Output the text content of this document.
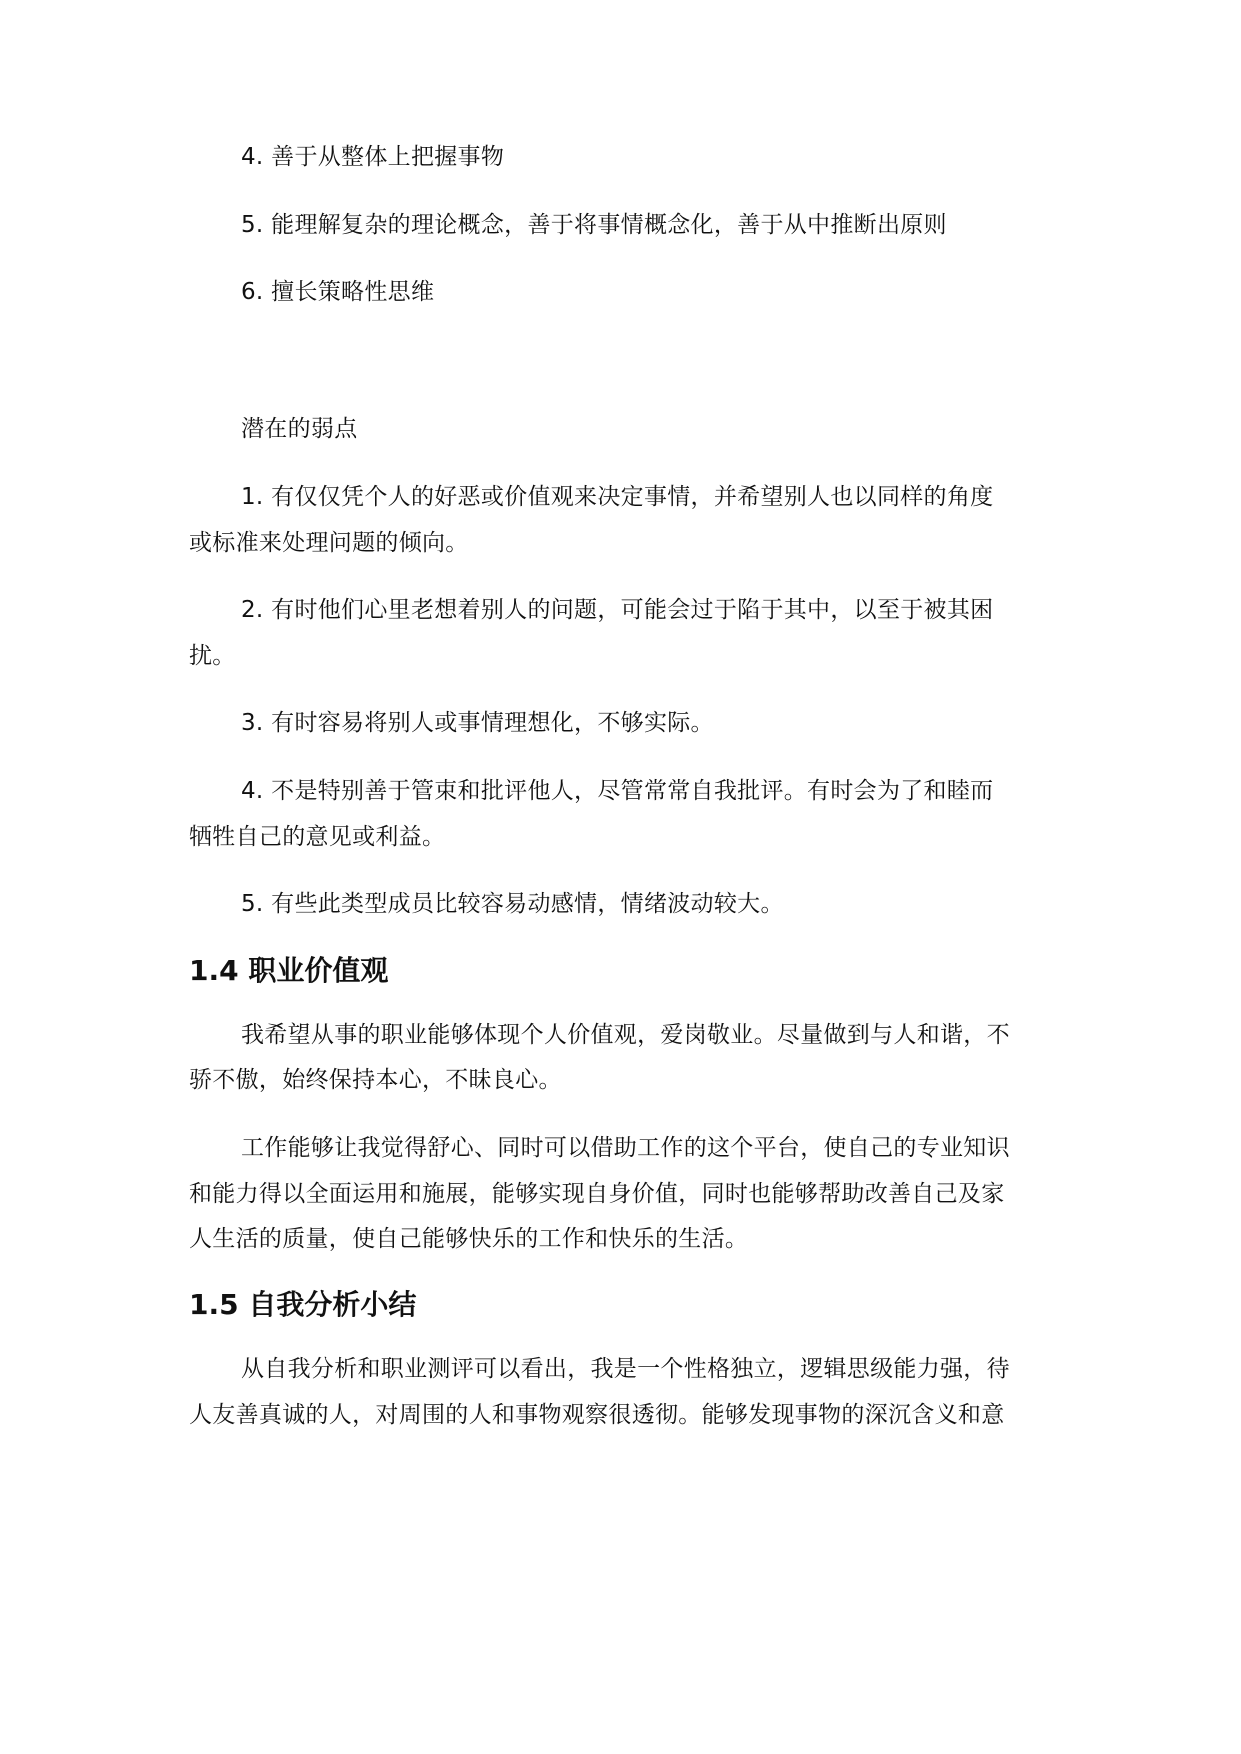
4. 善于从整体上把握事物
5. 能理解复杂的理论概念，善于将事情概念化，善于从中推断出原则
6. 擅长策略性思维
潜在的弱点
1. 有仅仅凭个人的好恶或价值观来决定事情，并希望别人也以同样的角度
或标准来处理问题的倾向。
2. 有时他们心里老想着别人的问题，可能会过于陷于其中，以至于被其困
扰。
3. 有时容易将别人或事情理想化，不够实际。
4. 不是特别善于管束和批评他人，尽管常常自我批评。有时会为了和睦而
牺牲自己的意见或利益。
5. 有些此类型成员比较容易动感情，情绪波动较大。
1.4 职业价值观
我希望从事的职业能够体现个人价值观，爱岗敬业。尽量做到与人和谐，不
骄不傲，始终保持本心，不昧良心。
工作能够让我觉得舒心、同时可以借助工作的这个平台，使自己的专业知识
和能力得以全面运用和施展，能够实现自身价值，同时也能够帮助改善自己及家
人生活的质量，使自己能够快乐的工作和快乐的生活。
1.5 自我分析小结
从自我分析和职业测评可以看出，我是一个性格独立，逻辑思级能力强，待
人友善真诚的人，对周围的人和事物观察很透彻。能够发现事物的深沉含义和意
